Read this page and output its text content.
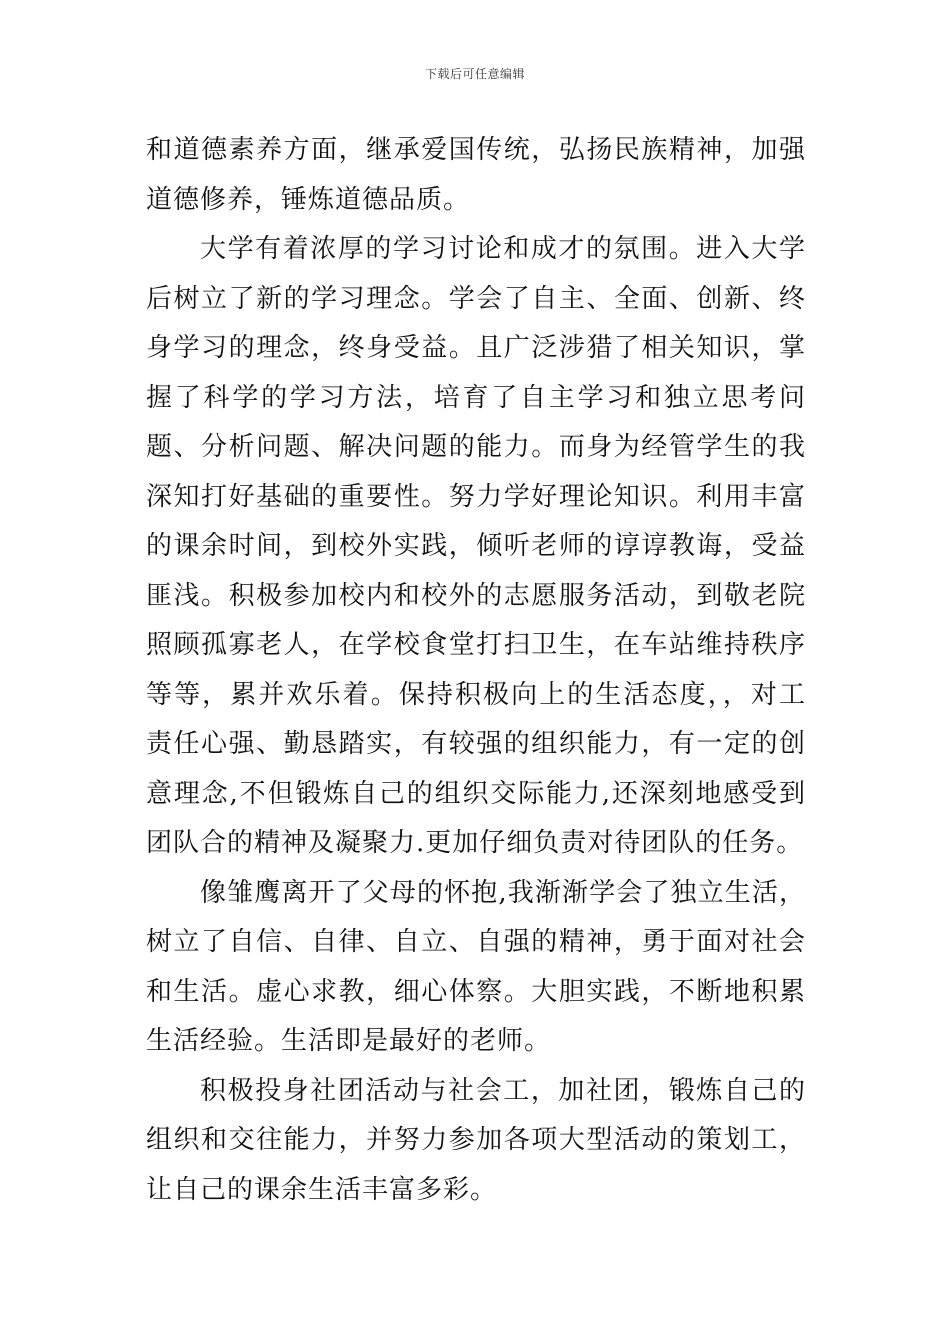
下载后可任意编辑

和道德素养方面，继承爱国传统，弘扬民族精神，加强道德修养，锤炼道德品质。

大学有着浓厚的学习讨论和成才的氛围。进入大学后树立了新的学习理念。学会了自主、全面、创新、终身学习的理念，终身受益。且广泛涉猎了相关知识，掌握了科学的学习方法，培育了自主学习和独立思考问题、分析问题、解决问题的能力。而身为经管学生的我深知打好基础的重要性。努力学好理论知识。利用丰富的课余时间，到校外实践，倾听老师的谆谆教诲，受益匪浅。积极参加校内和校外的志愿服务活动，到敬老院照顾孤寡老人，在学校食堂打扫卫生，在车站维持秩序等等，累并欢乐着。保持积极向上的生活态度，，对工责任心强、勤恳踏实，有较强的组织能力，有一定的创意理念,不但锻炼自己的组织交际能力,还深刻地感受到团队合的精神及凝聚力.更加仔细负责对待团队的任务。

像雏鹰离开了父母的怀抱,我渐渐学会了独立生活，树立了自信、自律、自立、自强的精神，勇于面对社会和生活。虚心求教，细心体察。大胆实践，不断地积累生活经验。生活即是最好的老师。

积极投身社团活动与社会工，加社团，锻炼自己的组织和交往能力，并努力参加各项大型活动的策划工，让自己的课余生活丰富多彩。
